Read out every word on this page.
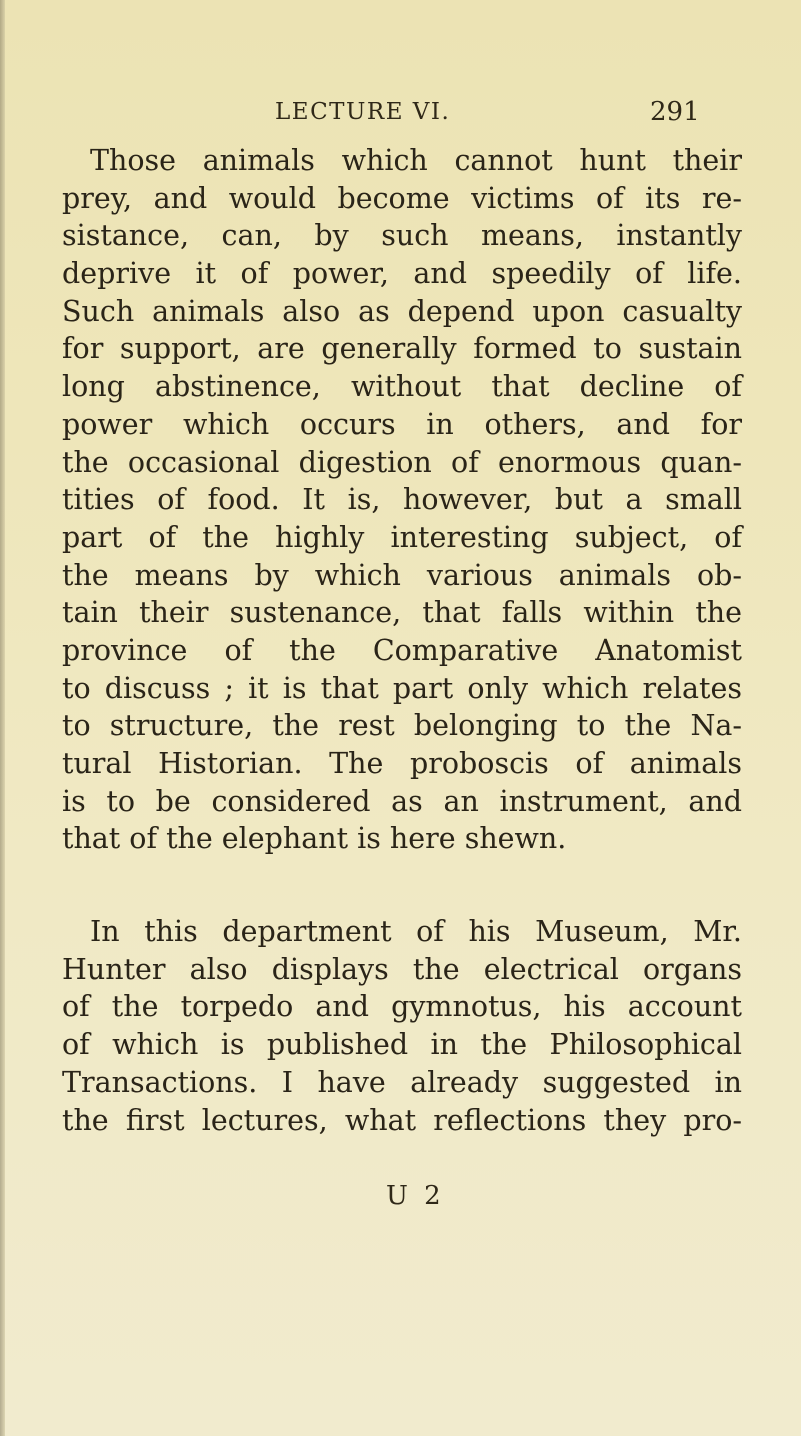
LECTURE VI.	291
Those animals which cannot hunt their
prey, and would become victims of its re-
sistance, can, by such means, instantly
deprive it of power, and speedily of life.
Such animals also as depend upon casualty
for support, are generally formed to sustain
long abstinence, without that decline of
power which occurs in others, and for
the occasional digestion of enormous quan-
tities of food. It is, however, but a small
part of the highly interesting subject, of
the means by which various animals ob-
tain their sustenance, that falls within the
province of the Comparative Anatomist
to discuss ; it is that part only which relates
to structure, the rest belonging to the Na-
tural Historian. The proboscis of animals
is to be considered as an instrument, and
that of the elephant is here shewn.
In this department of his Museum, Mr.
Hunter also displays the electrical organs
of the torpedo and gymnotus, his account
of which is published in the Philosophical
Transactions. I have already suggested in
the first lectures, what reflections they pro-
U 2
